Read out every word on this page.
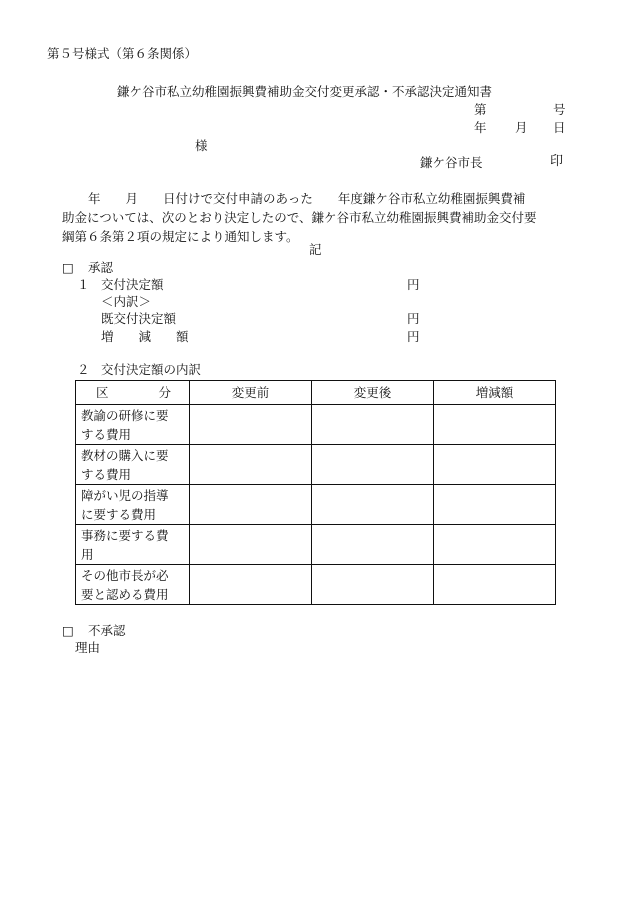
第５号様式（第６条関係）
鎌ケ谷市私立幼稚園振興費補助金交付変更承認・不承認決定通知書
第	号
年 月 日
様
鎌ケ谷市長	印
年　　月　　日付けで交付申請のあった　　年度鎌ケ谷市私立幼稚園振興費補
助金については、次のとおり決定したので、鎌ケ谷市私立幼稚園振興費補助金交付要
綱第６条第２項の規定により通知します。
記
□ 承認
１ 交付決定額	円
＜内訳＞
既交付決定額	円
増　　減　　額	円
２ 交付決定額の内訳
区　　　　分	変更前	変更後	増減額

教諭の研修に要
する費用			

教材の購入に要
する費用			

障がい児の指導
に要する費用			

事務に要する費
用			

その他市長が必
要と認める費用			

□ 不承認
理由
